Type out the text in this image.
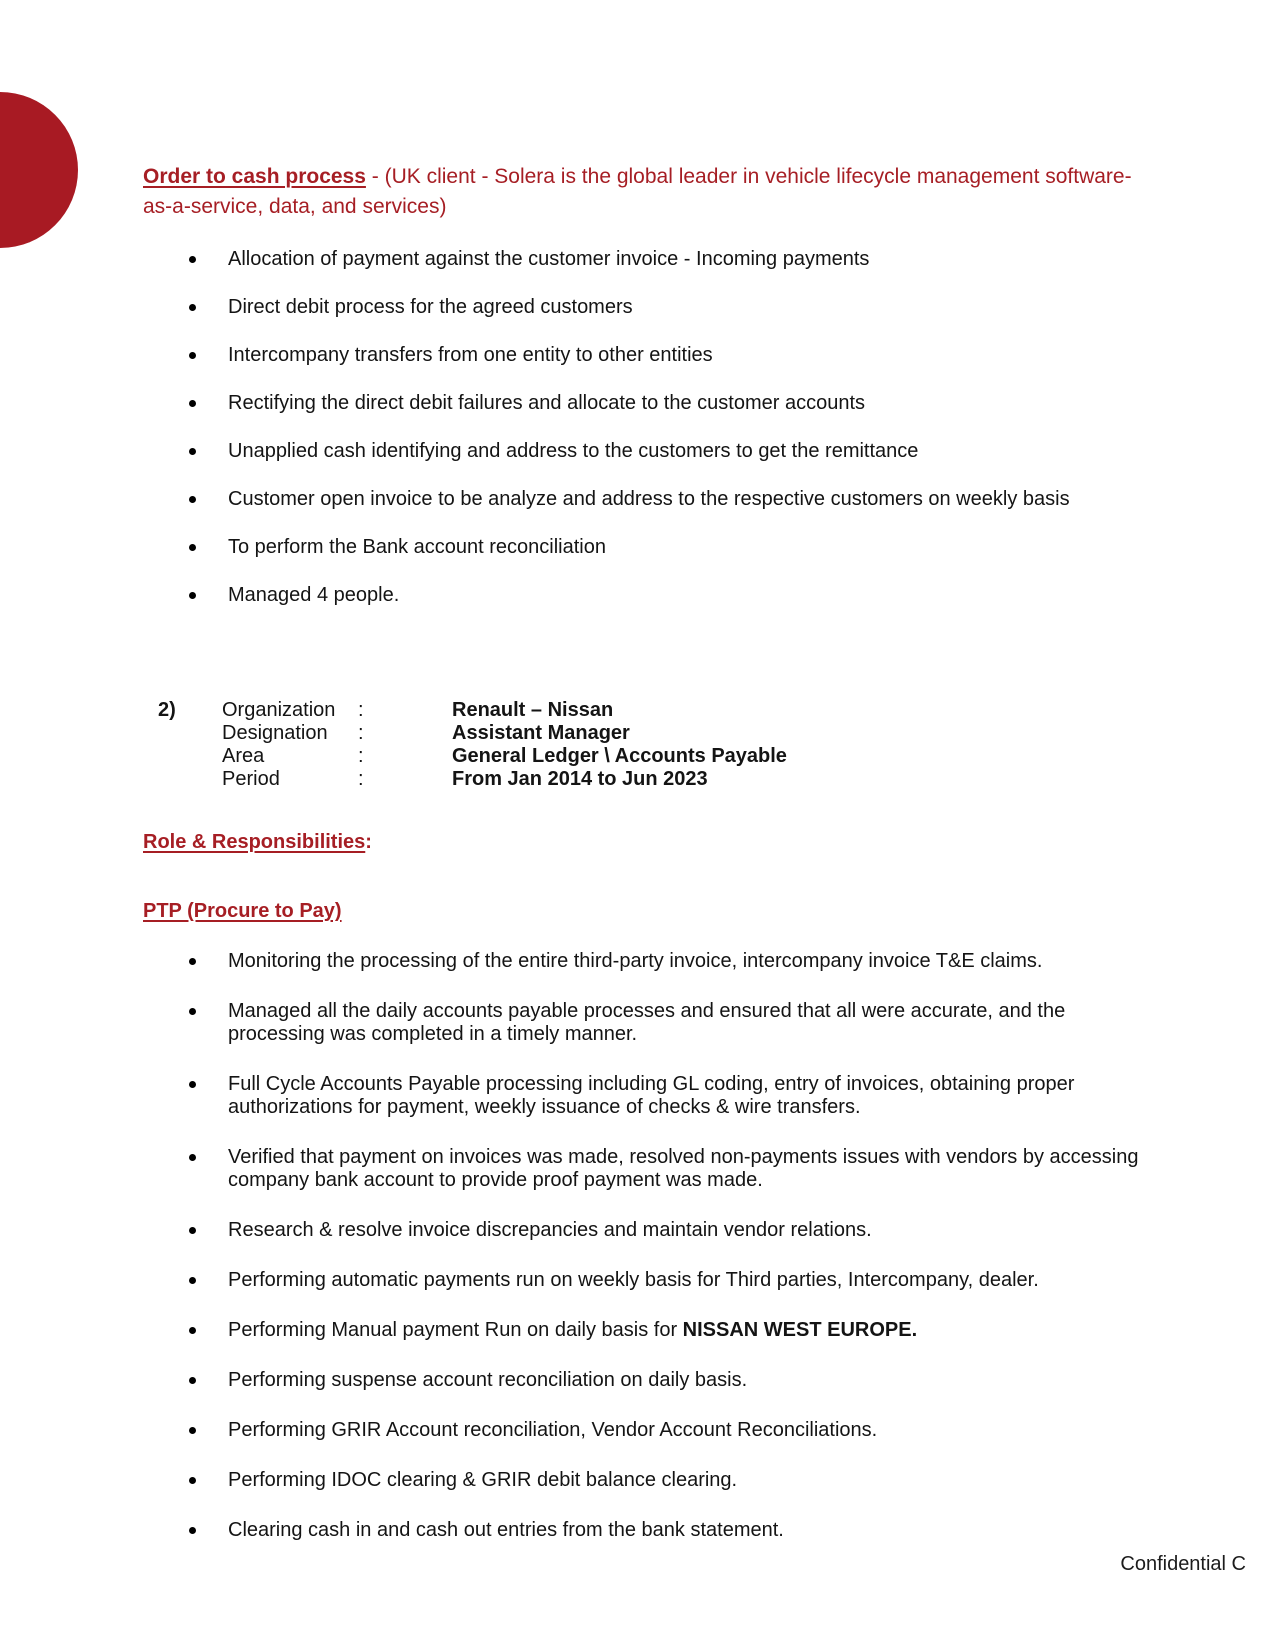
Order to cash process - (UK client - Solera is the global leader in vehicle lifecycle management software-as-a-service, data, and services)
Allocation of payment against the customer invoice - Incoming payments
Direct debit process for the agreed customers
Intercompany transfers from one entity to other entities
Rectifying the direct debit failures and allocate to the customer accounts
Unapplied cash identifying and address to the customers to get the remittance
Customer open invoice to be analyze and address to the respective customers on weekly basis
To perform the Bank account reconciliation
Managed 4 people.
2) Organization :	Renault – Nissan
Designation :	Assistant Manager
Area	:	General Ledger \ Accounts Payable
Period	:	From Jan 2014 to Jun 2023
Role & Responsibilities:
PTP (Procure to Pay)
Monitoring the processing of the entire third-party invoice, intercompany invoice T&E claims.
Managed all the daily accounts payable processes and ensured that all were accurate, and the processing was completed in a timely manner.
Full Cycle Accounts Payable processing including GL coding, entry of invoices, obtaining proper authorizations for payment, weekly issuance of checks & wire transfers.
Verified that payment on invoices was made, resolved non-payments issues with vendors by accessing company bank account to provide proof payment was made.
Research & resolve invoice discrepancies and maintain vendor relations.
Performing automatic payments run on weekly basis for Third parties, Intercompany, dealer.
Performing Manual payment Run on daily basis for NISSAN WEST EUROPE.
Performing suspense account reconciliation on daily basis.
Performing GRIR Account reconciliation, Vendor Account Reconciliations.
Performing IDOC clearing & GRIR debit balance clearing.
Clearing cash in and cash out entries from the bank statement.
Confidential C
